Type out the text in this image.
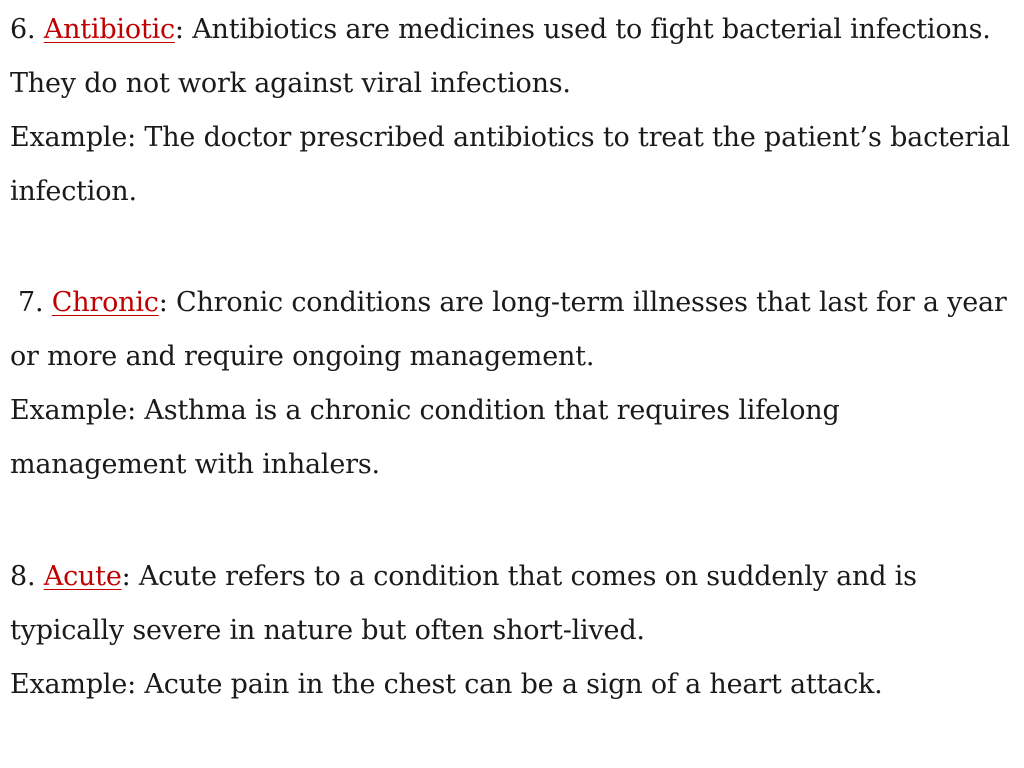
6. Antibiotic: Antibiotics are medicines used to fight bacterial infections. They do not work against viral infections.

Example: The doctor prescribed antibiotics to treat the patient’s bacterial infection.

7. Chronic: Chronic conditions are long-term illnesses that last for a year or more and require ongoing management.

Example: Asthma is a chronic condition that requires lifelong management with inhalers.

8. Acute: Acute refers to a condition that comes on suddenly and is typically severe in nature but often short-lived.

Example: Acute pain in the chest can be a sign of a heart attack.
